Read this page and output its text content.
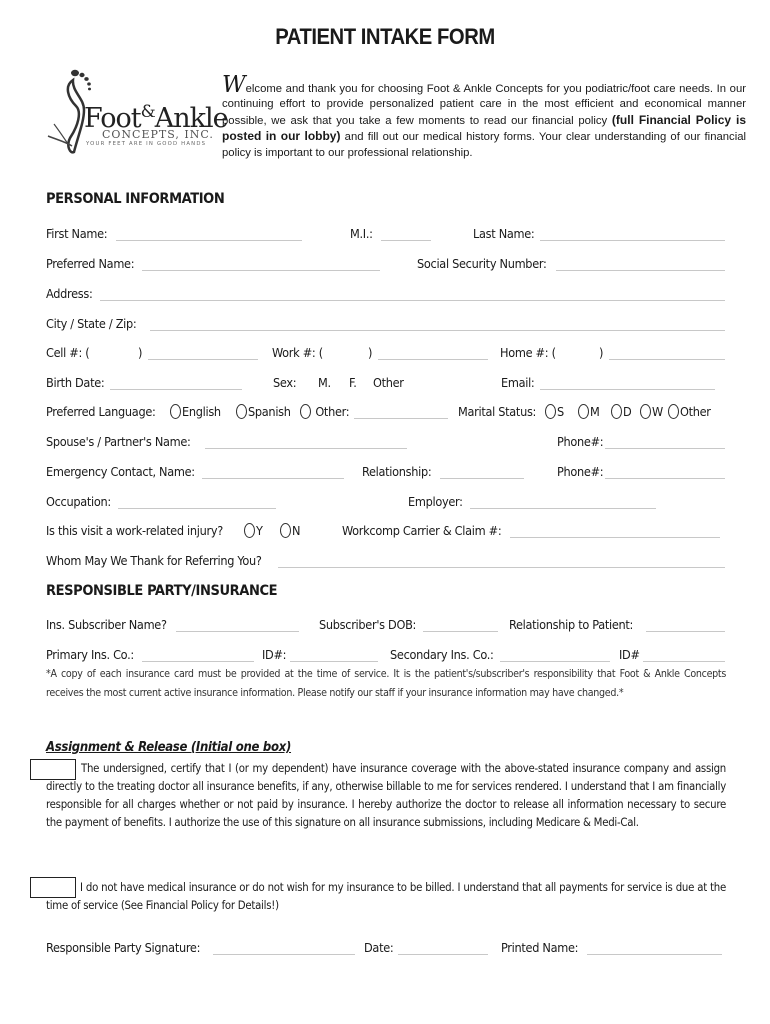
PATIENT INTAKE FORM
Foot&Ankle
CONCEPTS, INC.
YOUR FEET ARE IN GOOD HANDS
Welcome and thank you for choosing Foot & Ankle Concepts for you podiatric/foot care needs. In our continuing effort to provide personalized patient care in the most efficient and economical manner possible, we ask that you take a few moments to read our financial policy (full Financial Policy is posted in our lobby) and fill out our medical history forms. Your clear understanding of our financial policy is important to our professional relationship.
PERSONAL INFORMATION
First Name:	M.I.:	Last Name:
Preferred Name:	Social Security Number:
Address:
City / State / Zip:
Cell #: (	)	Work #: (	)	Home #: (	)
Birth Date:	Sex: M. F. Other	Email:
Preferred Language:	English	Spanish	Other:	Marital Status:	S	M	D	W	Other
Spouse's / Partner's Name:	Phone#:
Emergency Contact, Name:	Relationship:	Phone#:
Occupation:	Employer:
Is this visit a work-related injury?	Y	N	Workcomp Carrier & Claim #:
Whom May We Thank for Referring You?
RESPONSIBLE PARTY/INSURANCE
Ins. Subscriber Name?	Subscriber's DOB:	Relationship to Patient:
Primary Ins. Co.:	ID#:	Secondary Ins. Co.:	ID#
*A copy of each insurance card must be provided at the time of service. It is the patient's/subscriber's responsibility that Foot & Ankle Concepts receives the most current active insurance information. Please notify our staff if your insurance information may have changed.*
Assignment & Release (Initial one box)
The undersigned, certify that I (or my dependent) have insurance coverage with the above-stated insurance company and assign directly to the treating doctor all insurance benefits, if any, otherwise billable to me for services rendered. I understand that I am financially responsible for all charges whether or not paid by insurance. I hereby authorize the doctor to release all information necessary to secure the payment of benefits. I authorize the use of this signature on all insurance submissions, including Medicare & Medi-Cal.
I do not have medical insurance or do not wish for my insurance to be billed. I understand that all payments for service is due at the time of service (See Financial Policy for Details!)
Responsible Party Signature:	Date:	Printed Name:
